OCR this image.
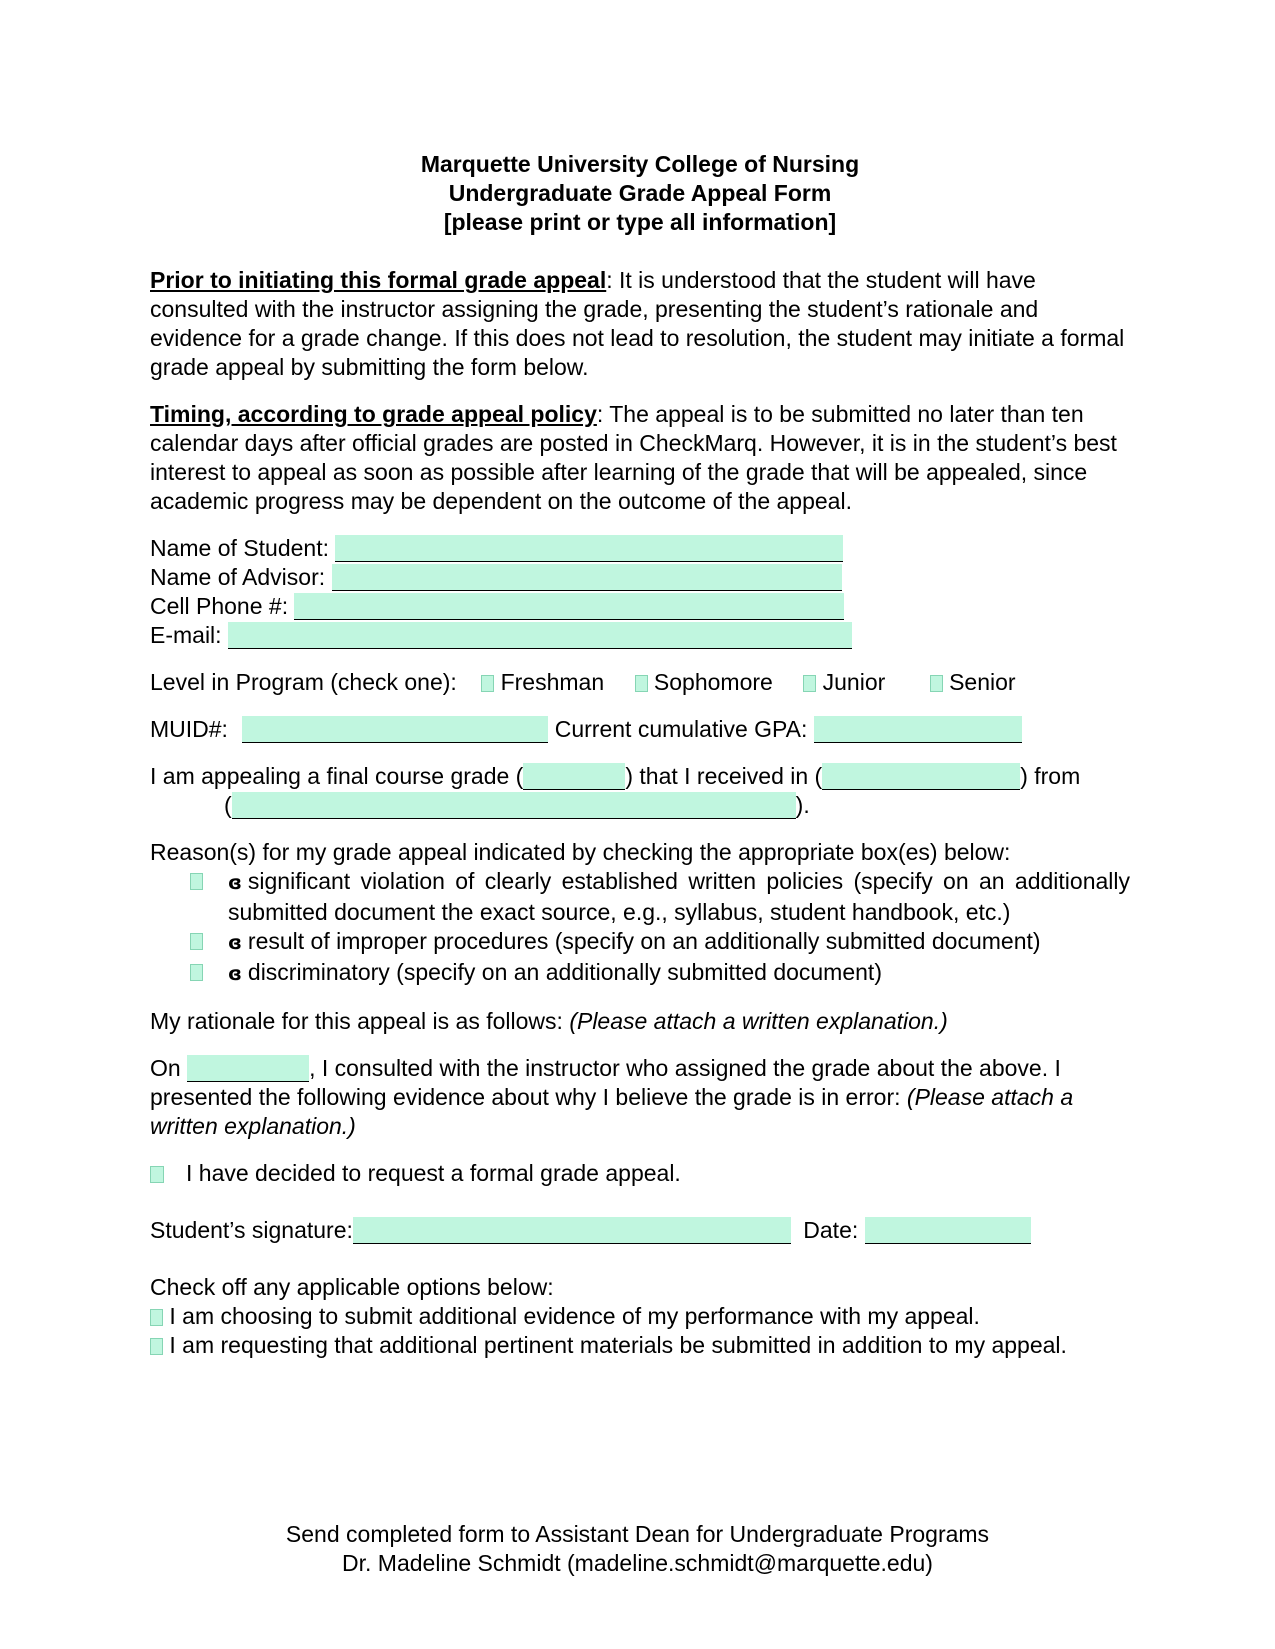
Marquette University College of Nursing
Undergraduate Grade Appeal Form
[please print or type all information]

Prior to initiating this formal grade appeal: It is understood that the student will have consulted with the instructor assigning the grade, presenting the student’s rationale and evidence for a grade change. If this does not lead to resolution, the student may initiate a formal grade appeal by submitting the form below.

Timing, according to grade appeal policy: The appeal is to be submitted no later than ten calendar days after official grades are posted in CheckMarq. However, it is in the student’s best interest to appeal as soon as possible after learning of the grade that will be appealed, since academic progress may be dependent on the outcome of the appeal.

Name of Student:
Name of Advisor:
Cell Phone #:
E-mail:
Level in Program (check one): Freshman Sophomore Junior	Senior
MUID#:	Current cumulative GPA:
I am appealing a final course grade (	) that I received in (	) from
(	).
Reason(s) for my grade appeal indicated by checking the appropriate box(es) below:
ɞ significant violation of clearly established written policies (specify on an additionally submitted document the exact source, e.g., syllabus, student handbook, etc.)
ɞ result of improper procedures (specify on an additionally submitted document)
ɞ discriminatory (specify on an additionally submitted document)
My rationale for this appeal is as follows: (Please attach a written explanation.)

On	, I consulted with the instructor who assigned the grade about the above. I presented the following evidence about why I believe the grade is in error: (Please attach a written explanation.)

I have decided to request a formal grade appeal.
Student’s signature:	Date:
Check off any applicable options below:
I am choosing to submit additional evidence of my performance with my appeal.
I am requesting that additional pertinent materials be submitted in addition to my appeal.
Send completed form to Assistant Dean for Undergraduate Programs
Dr. Madeline Schmidt (madeline.schmidt@marquette.edu)
